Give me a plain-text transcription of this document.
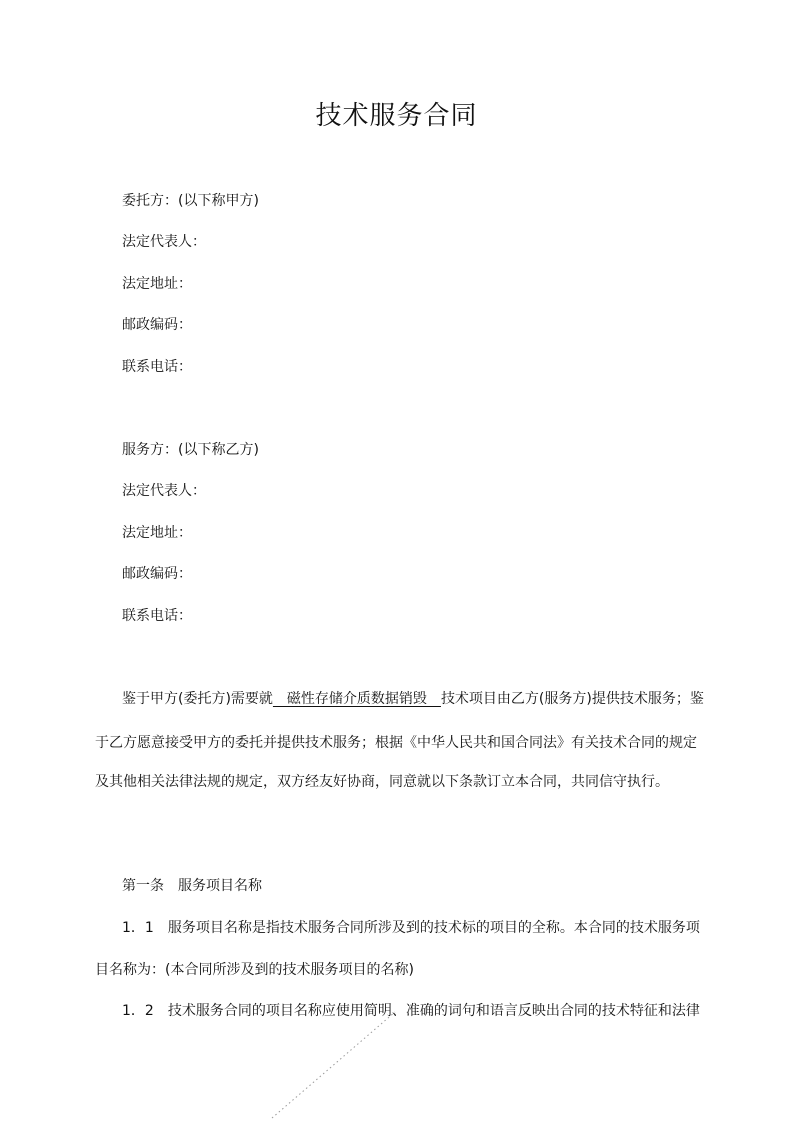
技术服务合同
委托方：(以下称甲方)
法定代表人：
法定地址：
邮政编码：
联系电话：
服务方：(以下称乙方)
法定代表人：
法定地址：
邮政编码：
联系电话：
鉴于甲方(委托方)需要就　磁性存储介质数据销毁　技术项目由乙方(服务方)提供技术服务；鉴
于乙方愿意接受甲方的委托并提供技术服务；根据《中华人民共和国合同法》有关技术合同的规定
及其他相关法律法规的规定，双方经友好协商，同意就以下条款订立本合同，共同信守执行。
第一条 服务项目名称
1．1 服务项目名称是指技术服务合同所涉及到的技术标的项目的全称。本合同的技术服务项
目名称为：(本合同所涉及到的技术服务项目的名称)
1．2 技术服务合同的项目名称应使用简明、准确的词句和语言反映出合同的技术特征和法律
